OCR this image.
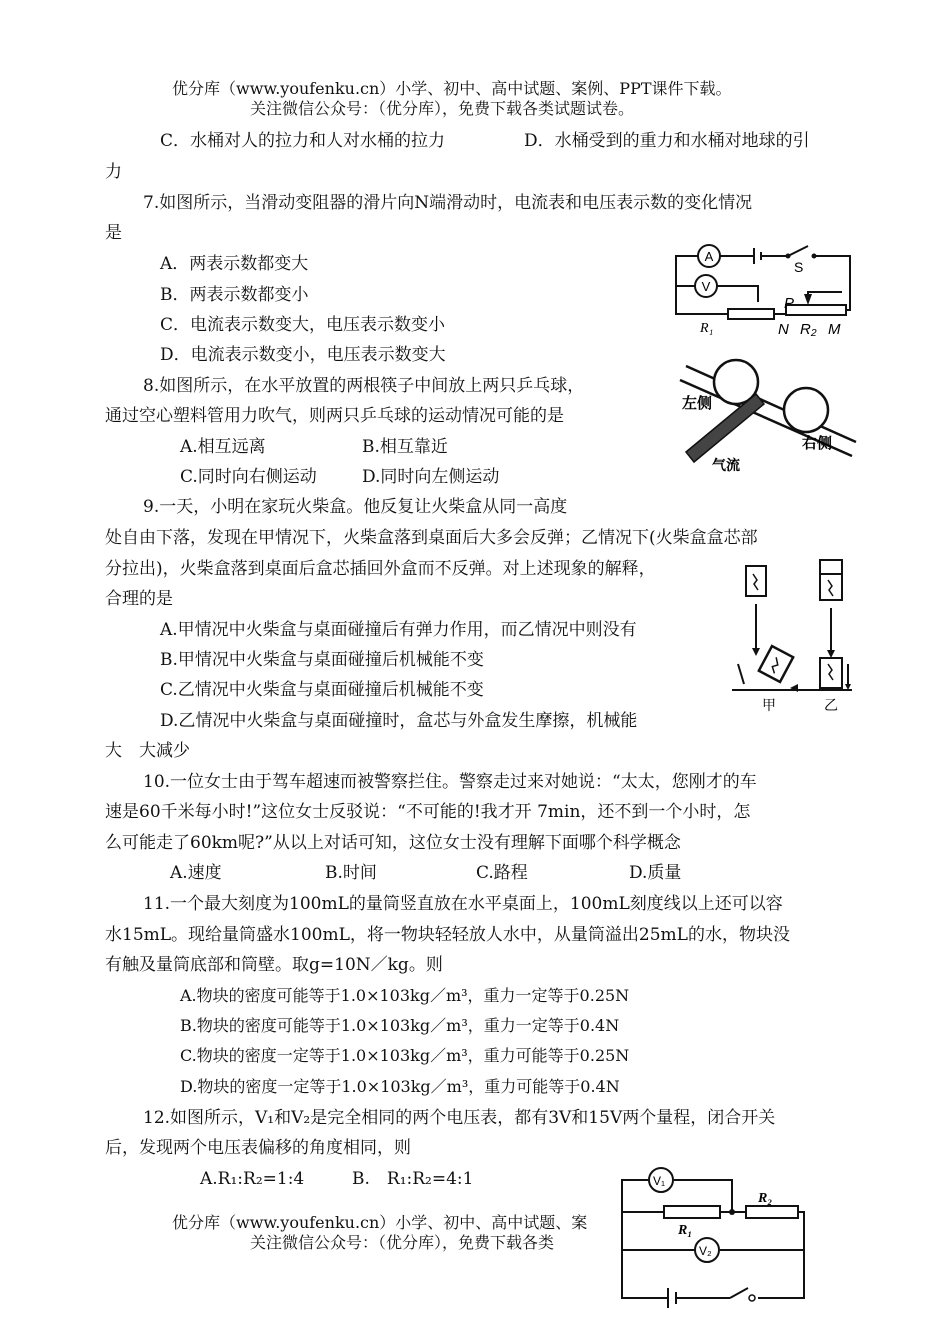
优分库（www.youfenku.cn）小学、初中、高中试题、案例、PPT课件下载。
关注微信公众号：（优分库），免费下载各类试题试卷。
C．水桶对人的拉力和人对水桶的拉力	D．水桶受到的重力和水桶对地球的引
力
7.如图所示，当滑动变阻器的滑片向N端滑动时，电流表和电压表示数的变化情况
是
A．两表示数都变大
B．两表示数都变小
C．电流表示数变大，电压表示数变小
D．电流表示数变小，电压表示数变大
A
V
S
R₁
P
N R₂ M
8.如图所示，在水平放置的两根筷子中间放上两只乒乓球，
通过空心塑料管用力吹气，则两只乒乓球的运动情况可能的是
A.相互远离	B.相互靠近
C.同时向右侧运动	D.同时向左侧运动
左侧
右侧
气流
9.一天，小明在家玩火柴盒。他反复让火柴盒从同一高度
处自由下落，发现在甲情况下，火柴盒落到桌面后大多会反弹；乙情况下(火柴盒盒芯部
分拉出)，火柴盒落到桌面后盒芯插回外盒而不反弹。对上述现象的解释，
合理的是
A.甲情况中火柴盒与桌面碰撞后有弹力作用，而乙情况中则没有
B.甲情况中火柴盒与桌面碰撞后机械能不变
C.乙情况中火柴盒与桌面碰撞后机械能不变
D.乙情况中火柴盒与桌面碰撞时，盒芯与外盒发生摩擦，机械能
大　大减少
甲	乙
10.一位女士由于驾车超速而被警察拦住。警察走过来对她说：“太太，您刚才的车
速是60千米每小时!”这位女士反驳说：“不可能的!我才开 7min，还不到一个小时，怎
么可能走了60km呢?”从以上对话可知，这位女士没有理解下面哪个科学概念
A.速度	B.时间	C.路程	D.质量
11.一个最大刻度为100mL的量筒竖直放在水平桌面上，100mL刻度线以上还可以容
水15mL。现给量筒盛水100mL，将一物块轻轻放人水中，从量筒溢出25mL的水，物块没
有触及量筒底部和筒壁。取g=10N／kg。则
A.物块的密度可能等于1.0×103kg／m³，重力一定等于0.25N
B.物块的密度可能等于1.0×103kg／m³，重力一定等于0.4N
C.物块的密度一定等于1.0×103kg／m³，重力可能等于0.25N
D.物块的密度一定等于1.0×103kg／m³，重力可能等于0.4N
12.如图所示，V₁和V₂是完全相同的两个电压表，都有3V和15V两个量程，闭合开关
后，发现两个电压表偏移的角度相同，则
A.R₁:R₂=1:4	B.　R₁:R₂=4:1
优分库（www.youfenku.cn）小学、初中、高中试题、案
关注微信公众号：（优分库），免费下载各类
V₁
V₂
R₁
R₂
